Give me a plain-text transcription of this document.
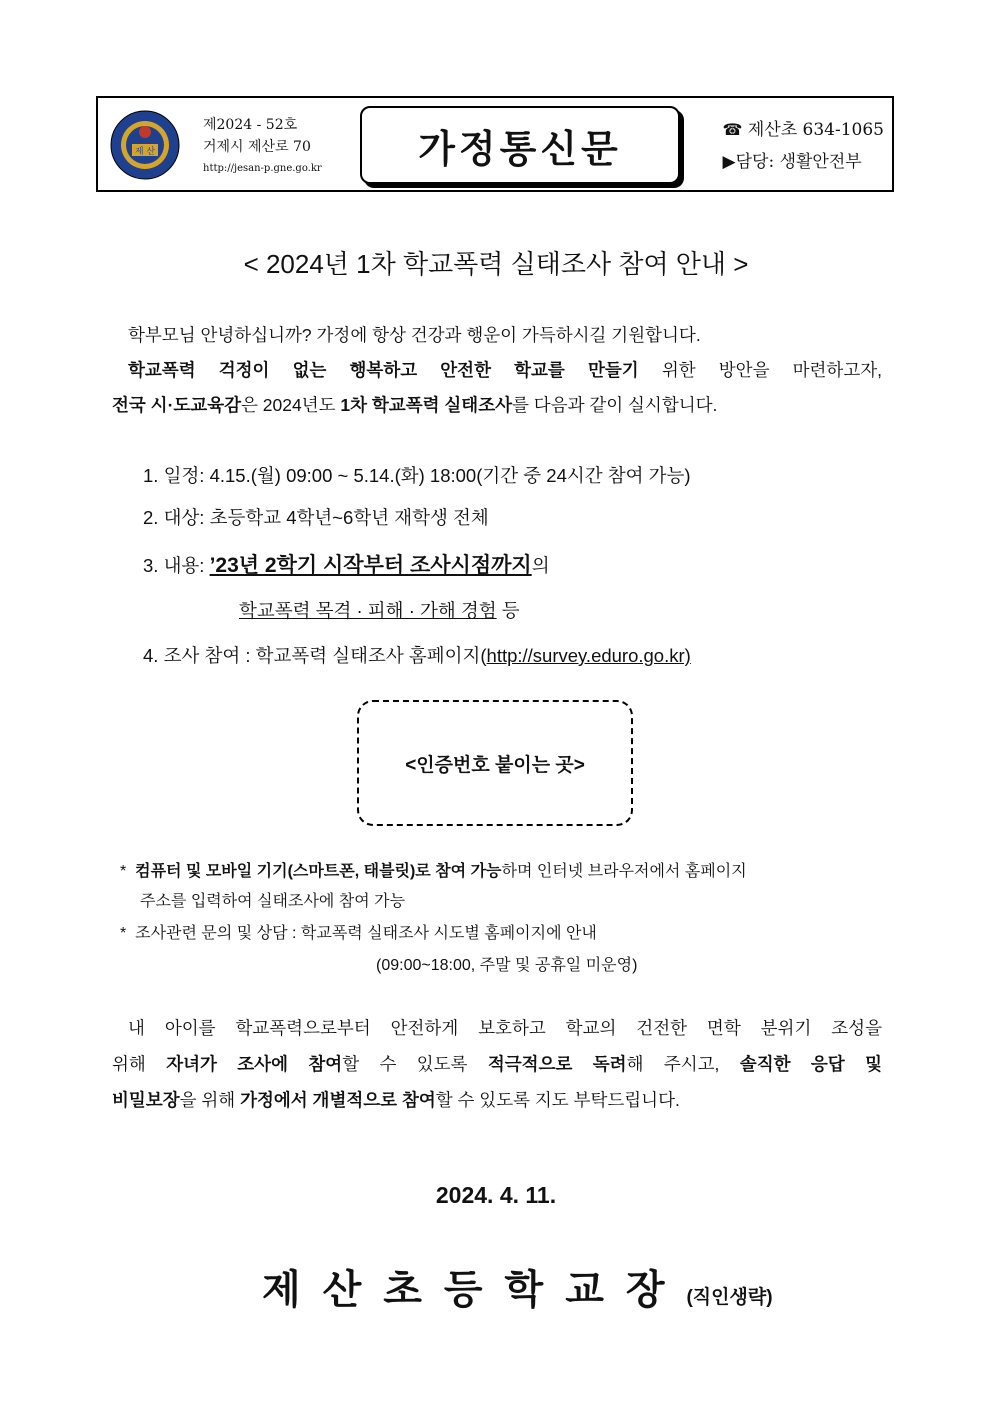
제 산
제2024 - 52호
거제시 제산로 70
http://jesan-p.gne.go.kr	가정통신문	☎ 제산초 634-1065
▶담당: 생활안전부
< 2024년 1차 학교폭력 실태조사 참여 안내 >

학부모님 안녕하십니까? 가정에 항상 건강과 행운이 가득하시길 기원합니다.

학교폭력 걱정이 없는 행복하고 안전한 학교를 만들기 위한 방안을 마련하고자,

전국 시·도교육감은 2024년도 1차 학교폭력 실태조사를 다음과 같이 실시합니다.

1. 일정: 4.15.(월) 09:00 ~ 5.14.(화) 18:00(기간 중 24시간 참여 가능)
2. 대상: 초등학교 4학년~6학년 재학생 전체
3. 내용: ’23년 2학기 시작부터 조사시점까지의
학교폭력 목격 · 피해 · 가해 경험 등
4. 조사 참여 : 학교폭력 실태조사 홈페이지(http://survey.eduro.go.kr)
<인증번호 붙이는 곳>
* 컴퓨터 및 모바일 기기(스마트폰, 태블릿)로 참여 가능하며 인터넷 브라우저에서 홈페이지
주소를 입력하여 실태조사에 참여 가능
* 조사관련 문의 및 상담 : 학교폭력 실태조사 시도별 홈페이지에 안내
(09:00~18:00, 주말 및 공휴일 미운영)

내 아이를 학교폭력으로부터 안전하게 보호하고 학교의 건전한 면학 분위기 조성을

위해 자녀가 조사에 참여할 수 있도록 적극적으로 독려해 주시고, 솔직한 응답 및

비밀보장을 위해 가정에서 개별적으로 참여할 수 있도록 지도 부탁드립니다.

2024. 4. 11.
제산초등학교장(직인생략)
